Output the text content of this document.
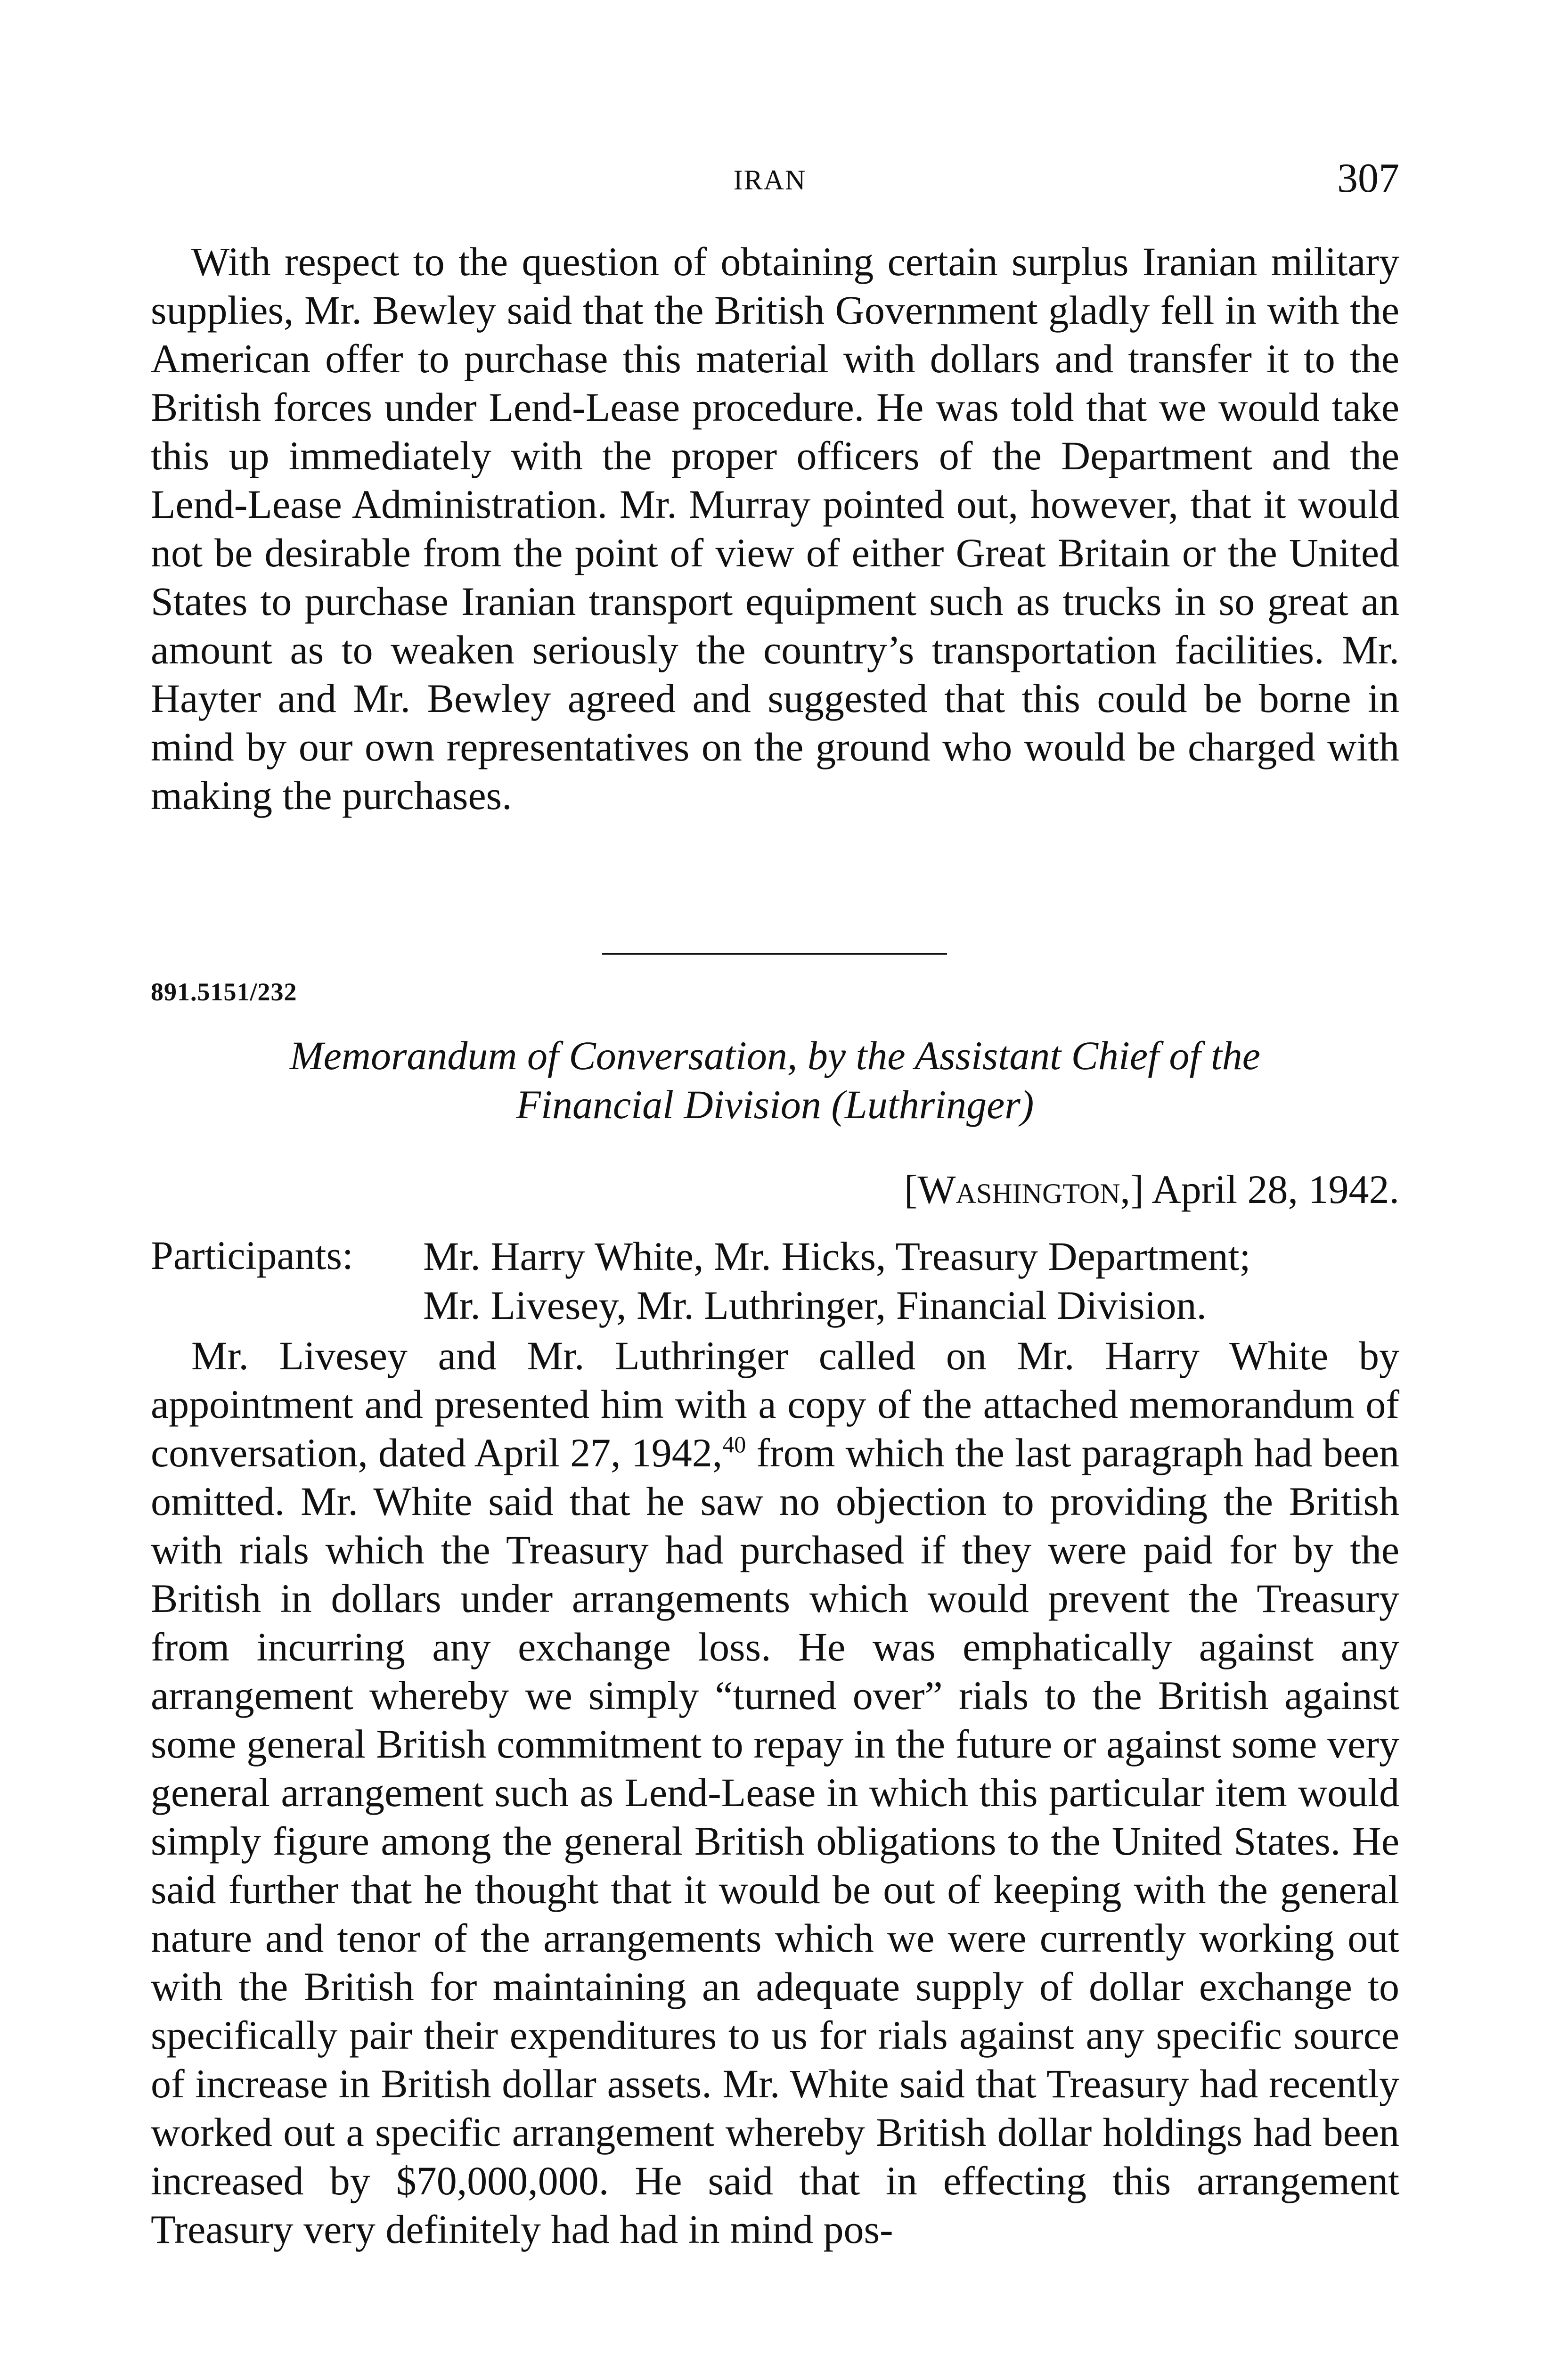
IRAN	307

With respect to the question of obtaining certain surplus Iranian military supplies, Mr. Bewley said that the British Government gladly fell in with the American offer to purchase this material with dollars and transfer it to the British forces under Lend-Lease procedure. He was told that we would take this up immediately with the proper officers of the Department and the Lend-Lease Administration. Mr. Murray pointed out, however, that it would not be desirable from the point of view of either Great Britain or the United States to purchase Iranian transport equipment such as trucks in so great an amount as to weaken seriously the country’s transportation facilities. Mr. Hayter and Mr. Bewley agreed and suggested that this could be borne in mind by our own representatives on the ground who would be charged with making the purchases.

891.5151/232
Memorandum of Conversation, by the Assistant Chief of the
Financial Division (Luthringer)
[Washington,] April 28, 1942.
Participants: Mr. Harry White, Mr. Hicks, Treasury Department;
Mr. Livesey, Mr. Luthringer, Financial Division.

Mr. Livesey and Mr. Luthringer called on Mr. Harry White by appointment and presented him with a copy of the attached memorandum of conversation, dated April 27, 1942,40 from which the last paragraph had been omitted. Mr. White said that he saw no objection to providing the British with rials which the Treasury had purchased if they were paid for by the British in dollars under arrangements which would prevent the Treasury from incurring any exchange loss. He was emphatically against any arrangement whereby we simply “turned over” rials to the British against some general British commitment to repay in the future or against some very general arrangement such as Lend-Lease in which this particular item would simply figure among the general British obligations to the United States. He said further that he thought that it would be out of keeping with the general nature and tenor of the arrangements which we were currently working out with the British for maintaining an adequate supply of dollar exchange to specifically pair their expenditures to us for rials against any specific source of increase in British dollar assets. Mr. White said that Treasury had recently worked out a specific arrangement whereby British dollar holdings had been increased by $70,000,000. He said that in effecting this arrangement Treasury very definitely had had in mind pos-
